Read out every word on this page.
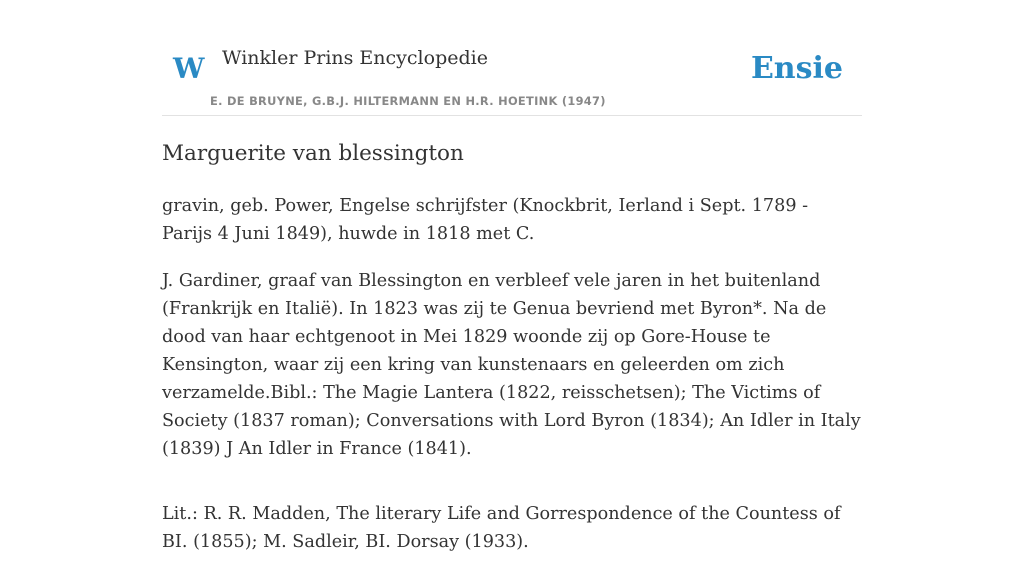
W Winkler Prins Encyclopedie
E. DE BRUYNE, G.B.J. HILTERMANN EN H.R. HOETINK (1947)
Ensie
Marguerite van blessington

gravin, geb. Power, Engelse schrijfster (Knockbrit, Ierland i Sept. 1789 - Parijs 4 Juni 1849), huwde in 1818 met C.

J. Gardiner, graaf van Blessington en verbleef vele jaren in het buitenland (Frankrijk en Italië). In 1823 was zij te Genua bevriend met Byron*. Na de dood van haar echtgenoot in Mei 1829 woonde zij op Gore-House te Kensington, waar zij een kring van kunstenaars en geleerden om zich verzamelde.Bibl.: The Magie Lantera (1822, reisschetsen); The Victims of Society (1837 roman); Conversations with Lord Byron (1834); An Idler in Italy (1839) J An Idler in France (1841).

Lit.: R. R. Madden, The literary Life and Gorrespondence of the Countess of BI. (1855); M. Sadleir, BI. Dorsay (1933).
